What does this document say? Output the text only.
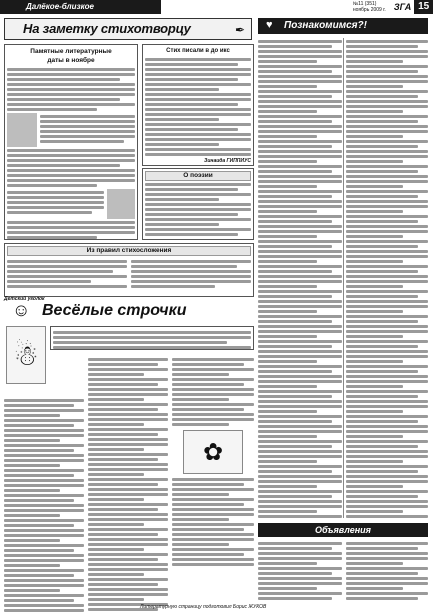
Далёкое-близкое	№11 (351)
ноябрь 2009 г. ЗГА 15
На заметку стихотворцу	✒ ♥	Познакомимся?!
Памятные литературные
даты в ноябре
Стих писали в до икс
Зинаида ГИППИУС
О поэзии
Из правил стихосложения
Детский уголок
☺ Весёлые строчки
☃

✿
Объявления
Литературную страницу подготовил Борис ЖУКОВ
